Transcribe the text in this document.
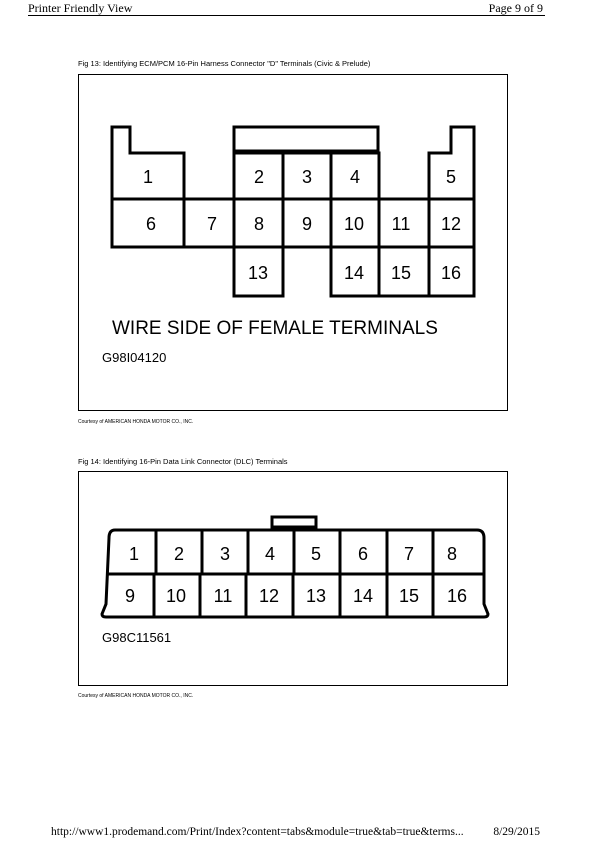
Printer Friendly View	Page 9 of 9
Fig 13: Identifying ECM/PCM 16-Pin Harness Connector "D" Terminals (Civic & Prelude)
1	2 3 4	5
6	7 8 9 10 11 12
13	14 15 16
WIRE SIDE OF FEMALE TERMINALS
G98I04120
Courtesy of AMERICAN HONDA MOTOR CO., INC.
Fig 14: Identifying 16-Pin Data Link Connector (DLC) Terminals
1 2 3 4 5 6 7 8
9 10 11 12 13 14 15 16
G98C11561
Courtesy of AMERICAN HONDA MOTOR CO., INC.
http://www1.prodemand.com/Print/Index?content=tabs&module=true&tab=true&terms...	8/29/2015
